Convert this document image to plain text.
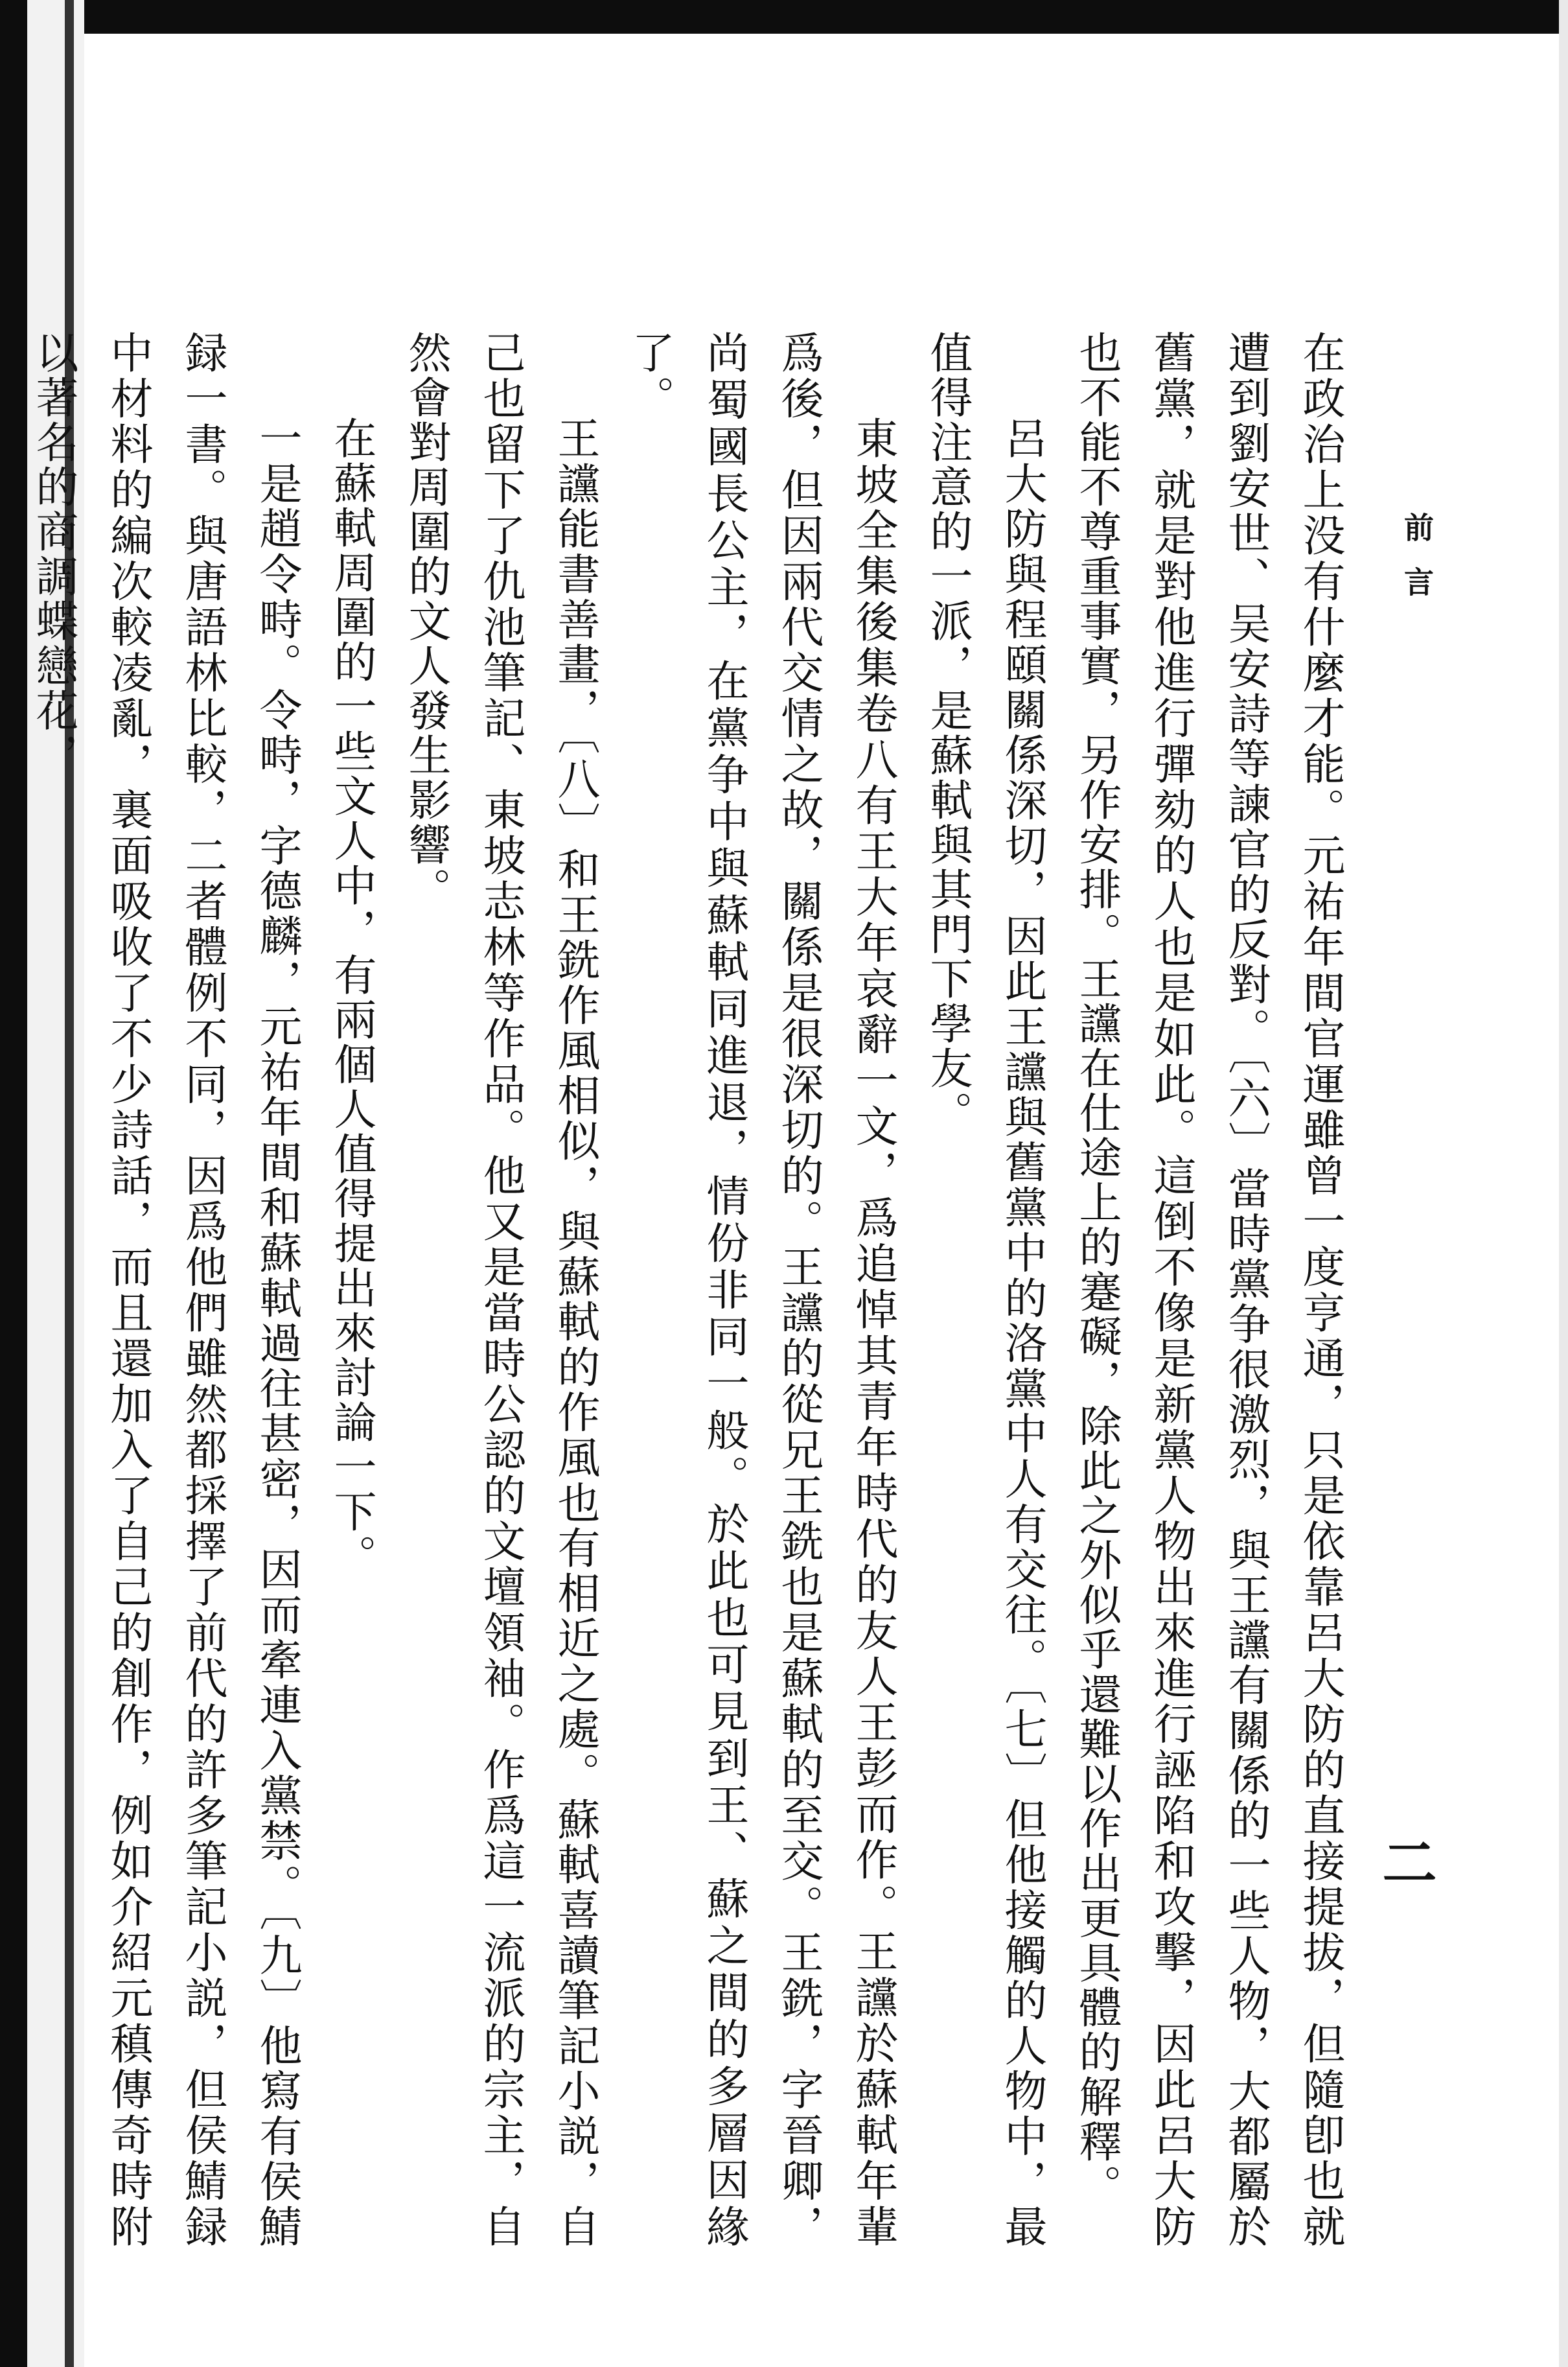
前言
二

在政治上没有什麼才能。元祐年間官運雖曾一度亨通，只是依靠呂大防的直接提拔，但隨卽也就遭到劉安世、吴安詩等諫官的反對。〔六〕當時黨争很激烈，與王讜有關係的一些人物，大都屬於舊黨，就是對他進行彈劾的人也是如此。這倒不像是新黨人物出來進行誣陷和攻擊，因此呂大防也不能不尊重事實，另作安排。王讜在仕途上的蹇礙，除此之外似乎還難以作出更具體的解釋。

呂大防與程頤關係深切，因此王讜與舊黨中的洛黨中人有交往。〔七〕但他接觸的人物中，最值得注意的一派，是蘇軾與其門下學友。

東坡全集後集卷八有王大年哀辭一文，爲追悼其青年時代的友人王彭而作。王讜於蘇軾年輩爲後，但因兩代交情之故，關係是很深切的。王讜的從兄王銑也是蘇軾的至交。王銑，字晉卿，尚蜀國長公主，在黨争中與蘇軾同進退，情份非同一般。於此也可見到王、蘇之間的多層因緣了。

王讜能書善畫，〔八〕和王銑作風相似，與蘇軾的作風也有相近之處。蘇軾喜讀筆記小説，自己也留下了仇池筆記、東坡志林等作品。他又是當時公認的文壇領袖。作爲這一流派的宗主，自然會對周圍的文人發生影響。

在蘇軾周圍的一些文人中，有兩個人值得提出來討論一下。

一是趙令畤。令畤，字德麟，元祐年間和蘇軾過往甚密，因而牽連入黨禁。〔九〕他寫有侯鯖録一書。與唐語林比較，二者體例不同，因爲他們雖然都採擇了前代的許多筆記小説，但侯鯖録中材料的編次較凌亂，裏面吸收了不少詩話，而且還加入了自己的創作，例如介紹元稹傳奇時附以著名的商調蝶戀花，
